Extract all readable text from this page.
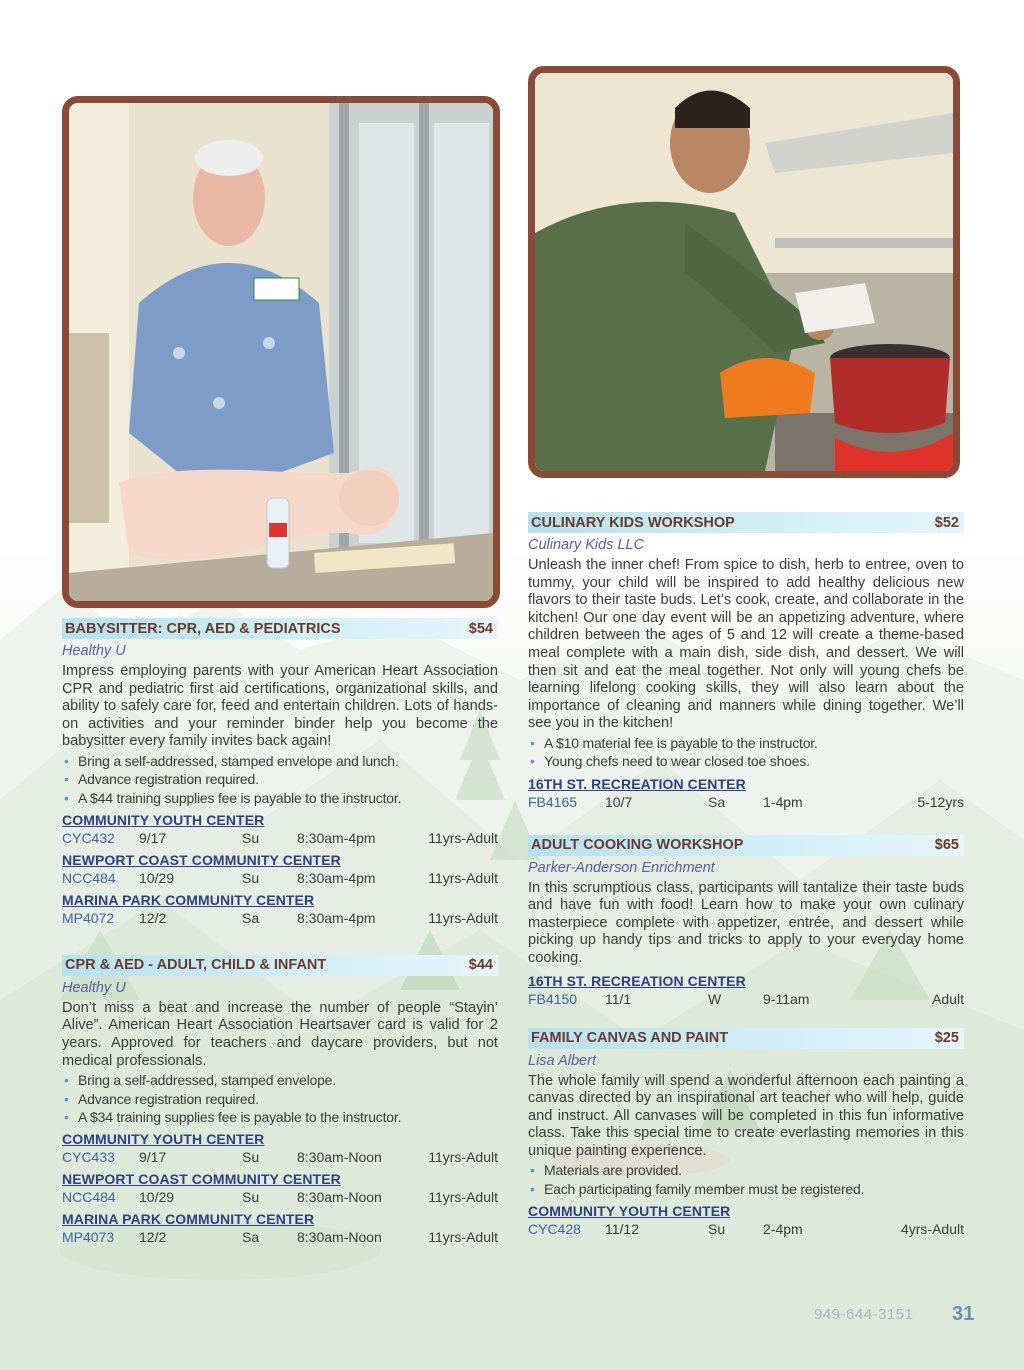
BABYSITTER: CPR, AED & PEDIATRICS	$54
Healthy U
Impress employing parents with your American Heart Association CPR and pediatric first aid certifications, organizational skills, and ability to safely care for, feed and entertain children. Lots of hands-on activities and your reminder binder help you become the babysitter every family invites back again!
• Bring a self-addressed, stamped envelope and lunch.
• Advance registration required.
• A $44 training supplies fee is payable to the instructor.
COMMUNITY YOUTH CENTER
CYC432	9/17	Su	8:30am-4pm	11yrs-Adult
NEWPORT COAST COMMUNITY CENTER
NCC484	10/29	Su	8:30am-4pm	11yrs-Adult
MARINA PARK COMMUNITY CENTER
MP4072	12/2	Sa	8:30am-4pm	11yrs-Adult
CPR & AED - ADULT, CHILD & INFANT	$44
Healthy U
Don’t miss a beat and increase the number of people “Stayin’ Alive”. American Heart Association Heartsaver card is valid for 2 years. Approved for teachers and daycare providers, but not medical professionals.
• Bring a self-addressed, stamped envelope.
• Advance registration required.
• A $34 training supplies fee is payable to the instructor.
COMMUNITY YOUTH CENTER
CYC433	9/17	Su	8:30am-Noon	11yrs-Adult
NEWPORT COAST COMMUNITY CENTER
NCC484	10/29	Su	8:30am-Noon	11yrs-Adult
MARINA PARK COMMUNITY CENTER
MP4073	12/2	Sa	8:30am-Noon	11yrs-Adult
CULINARY KIDS WORKSHOP	$52
Culinary Kids LLC
Unleash the inner chef! From spice to dish, herb to entree, oven to tummy, your child will be inspired to add healthy delicious new flavors to their taste buds. Let’s cook, create, and collaborate in the kitchen! Our one day event will be an appetizing adventure, where children between the ages of 5 and 12 will create a theme-based meal complete with a main dish, side dish, and dessert. We will then sit and eat the meal together. Not only will young chefs be learning lifelong cooking skills, they will also learn about the importance of cleaning and manners while dining together. We’ll see you in the kitchen!
• A $10 material fee is payable to the instructor.
• Young chefs need to wear closed toe shoes.
16TH ST. RECREATION CENTER
FB4165	10/7	Sa	1-4pm	5-12yrs
ADULT COOKING WORKSHOP	$65
Parker-Anderson Enrichment
In this scrumptious class, participants will tantalize their taste buds and have fun with food! Learn how to make your own culinary masterpiece complete with appetizer, entrée, and dessert while picking up handy tips and tricks to apply to your everyday home cooking.
16TH ST. RECREATION CENTER
FB4150	11/1	W	9-11am	Adult
FAMILY CANVAS AND PAINT	$25
Lisa Albert
The whole family will spend a wonderful afternoon each painting a canvas directed by an inspirational art teacher who will help, guide and instruct. All canvases will be completed in this fun informative class. Take this special time to create everlasting memories in this unique painting experience.
• Materials are provided.
• Each participating family member must be registered.
COMMUNITY YOUTH CENTER
CYC428	11/12	Su	2-4pm	4yrs-Adult
949-644-3151 31
